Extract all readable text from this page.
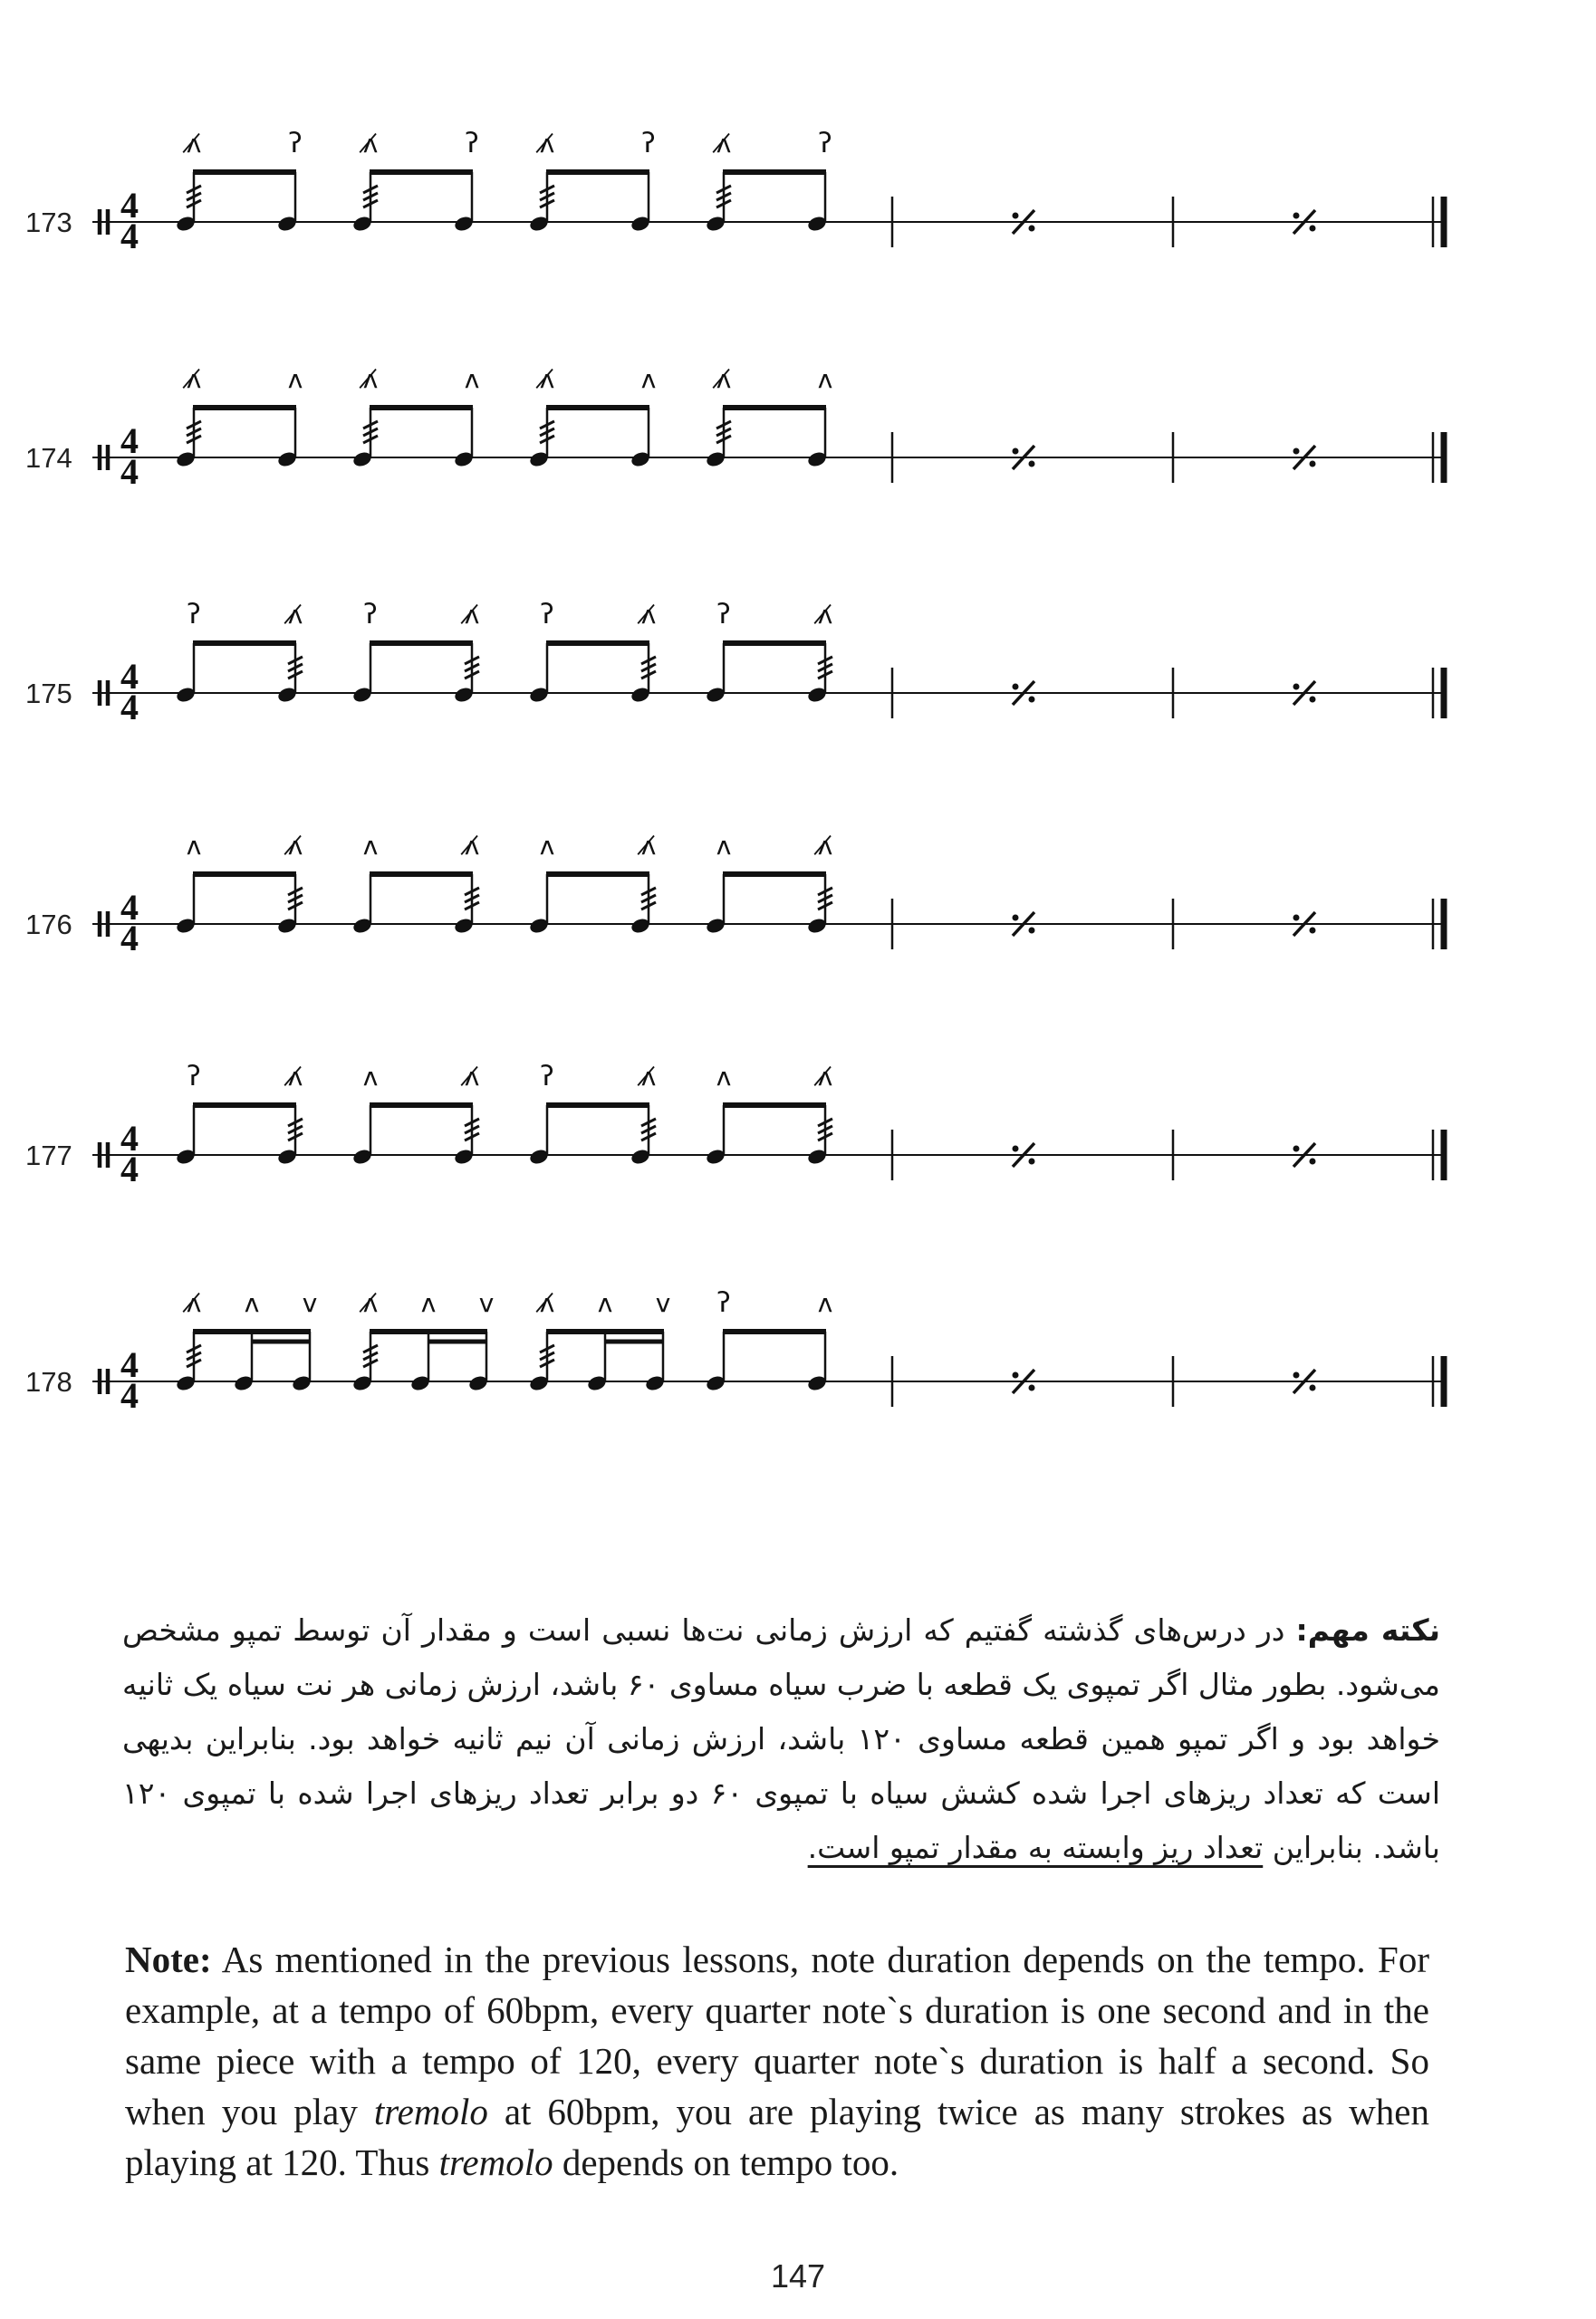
173 4
4
ʌ̸	ʔ ʌ̸	ʔ ʌ̸	ʔ ʌ̸	ʔ
174 4
4
ʌ̸	ʌ ʌ̸	ʌ ʌ̸	ʌ ʌ̸	ʌ
175 4
4
ʔ	ʌ̸ ʔ	ʌ̸ ʔ	ʌ̸ ʔ	ʌ̸
176 4
4
ʌ	ʌ̸ ʌ	ʌ̸ ʌ	ʌ̸ ʌ	ʌ̸
177 4
4
ʔ	ʌ̸ ʌ	ʌ̸ ʔ	ʌ̸ ʌ	ʌ̸
178 4
4
ʌ̸ ʌ v ʌ̸ ʌ v ʌ̸ ʌ v ʔ	ʌ
نکته مهم: در درس‌های گذشته گفتیم که ارزش زمانی نت‌ها نسبی است و مقدار آن توسط تمپو مشخص می‌شود. بطور مثال اگر تمپوی یک قطعه با ضرب سیاه مساوی ۶۰ باشد، ارزش زمانی هر نت سیاه یک ثانیه خواهد بود و اگر تمپو همین قطعه مساوی ۱۲۰ باشد، ارزش زمانی آن نیم ثانیه خواهد بود. بنابراین بدیهی است که تعداد ریزهای اجرا شده کشش سیاه با تمپوی ۶۰ دو برابر تعداد ریزهای اجرا شده با تمپوی ۱۲۰ باشد. بنابراین تعداد ریز وابسته به مقدار تمپو است.
Note: As mentioned in the previous lessons, note duration depends on the tempo. For example, at a tempo of 60bpm, every quarter note`s duration is one second and in the same piece with a tempo of 120, every quarter note`s duration is half a second. So when you play tremolo at 60bpm, you are playing twice as many strokes as when playing at 120. Thus tremolo depends on tempo too.
147
